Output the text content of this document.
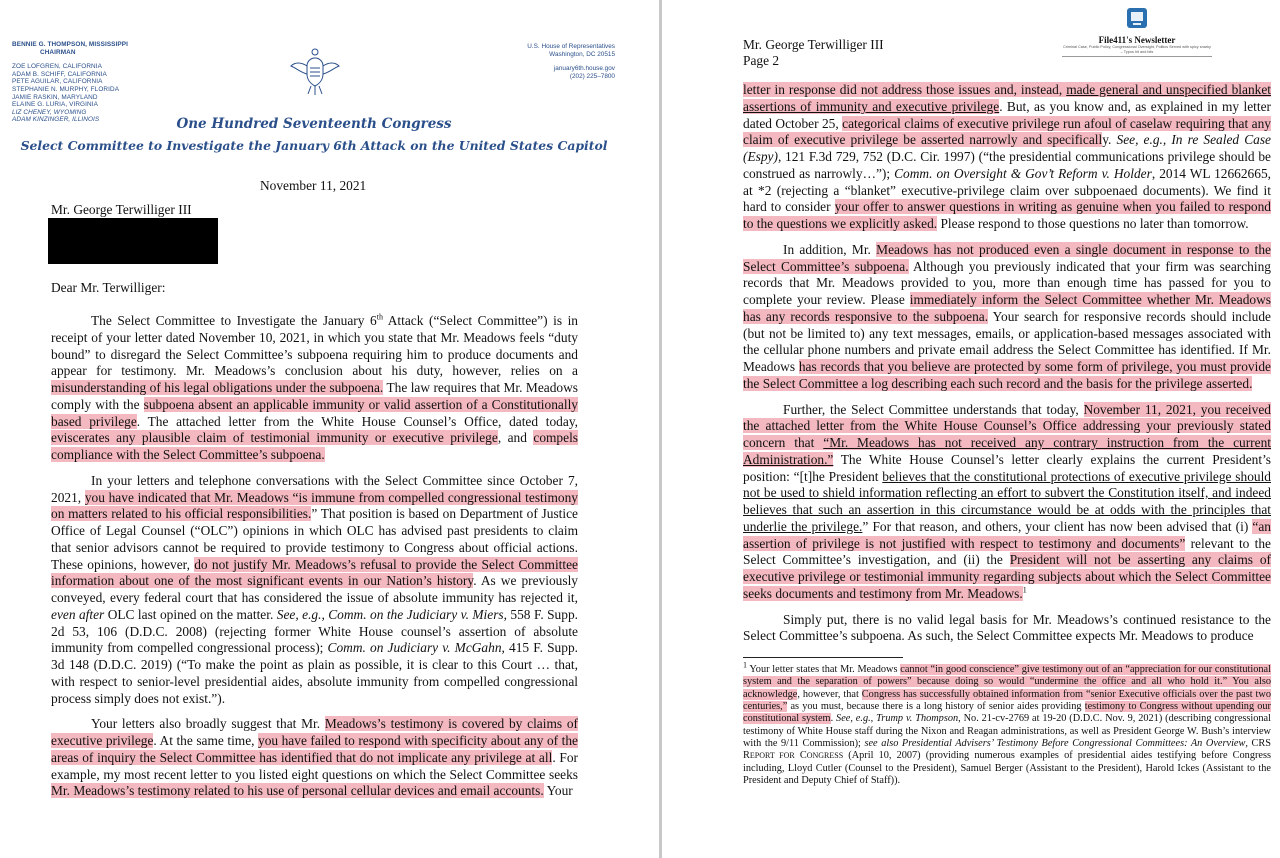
BENNIE G. THOMPSON, MISSISSIPPI
CHAIRMAN
ZOE LOFGREN, CALIFORNIA
ADAM B. SCHIFF, CALIFORNIA
PETE AGUILAR, CALIFORNIA
STEPHANIE N. MURPHY, FLORIDA
JAMIE RASKIN, MARYLAND
ELAINE G. LURIA, VIRGINIA
LIZ CHENEY, WYOMING
ADAM KINZINGER, ILLINOIS
U.S. House of Representatives
Washington, DC 20515
january6th.house.gov
(202) 225–7800
One Hundred Seventeenth Congress
Select Committee to Investigate the January 6th Attack on the United States Capitol
November 11, 2021
Mr. George Terwilliger III
Dear Mr. Terwilliger:

The Select Committee to Investigate the January 6th Attack (“Select Committee”) is in receipt of your letter dated November 10, 2021, in which you state that Mr. Meadows feels “duty bound” to disregard the Select Committee’s subpoena requiring him to produce documents and appear for testimony. Mr. Meadows’s conclusion about his duty, however, relies on a misunderstanding of his legal obligations under the subpoena. The law requires that Mr. Meadows comply with the subpoena absent an applicable immunity or valid assertion of a Constitutionally based privilege. The attached letter from the White House Counsel’s Office, dated today, eviscerates any plausible claim of testimonial immunity or executive privilege, and compels compliance with the Select Committee’s subpoena.

In your letters and telephone conversations with the Select Committee since October 7, 2021, you have indicated that Mr. Meadows “is immune from compelled congressional testimony on matters related to his official responsibilities.” That position is based on Department of Justice Office of Legal Counsel (“OLC”) opinions in which OLC has advised past presidents to claim that senior advisors cannot be required to provide testimony to Congress about official actions. These opinions, however, do not justify Mr. Meadows’s refusal to provide the Select Committee information about one of the most significant events in our Nation’s history. As we previously conveyed, every federal court that has considered the issue of absolute immunity has rejected it, even after OLC last opined on the matter. See, e.g., Comm. on the Judiciary v. Miers, 558 F. Supp. 2d 53, 106 (D.D.C. 2008) (rejecting former White House counsel’s assertion of absolute immunity from compelled congressional process); Comm. on Judiciary v. McGahn, 415 F. Supp. 3d 148 (D.D.C. 2019) (“To make the point as plain as possible, it is clear to this Court … that, with respect to senior-level presidential aides, absolute immunity from compelled congressional process simply does not exist.”).

Your letters also broadly suggest that Mr. Meadows’s testimony is covered by claims of executive privilege. At the same time, you have failed to respond with specificity about any of the areas of inquiry the Select Committee has identified that do not implicate any privilege at all. For example, my most recent letter to you listed eight questions on which the Select Committee seeks Mr. Meadows’s testimony related to his use of personal cellular devices and email accounts. Your

File411's Newsletter
Criminal Case, Public Policy, Congressional Oversight, Politics Served with spicy snarky – Typos hit and bits
Mr. George Terwilliger III
Page 2

letter in response did not address those issues and, instead, made general and unspecified blanket assertions of immunity and executive privilege. But, as you know and, as explained in my letter dated October 25, categorical claims of executive privilege run afoul of caselaw requiring that any claim of executive privilege be asserted narrowly and specifically. See, e.g., In re Sealed Case (Espy), 121 F.3d 729, 752 (D.C. Cir. 1997) (“the presidential communications privilege should be construed as narrowly…”); Comm. on Oversight & Gov’t Reform v. Holder, 2014 WL 12662665, at *2 (rejecting a “blanket” executive-privilege claim over subpoenaed documents). We find it hard to consider your offer to answer questions in writing as genuine when you failed to respond to the questions we explicitly asked. Please respond to those questions no later than tomorrow.

In addition, Mr. Meadows has not produced even a single document in response to the Select Committee’s subpoena. Although you previously indicated that your firm was searching records that Mr. Meadows provided to you, more than enough time has passed for you to complete your review. Please immediately inform the Select Committee whether Mr. Meadows has any records responsive to the subpoena. Your search for responsive records should include (but not be limited to) any text messages, emails, or application-based messages associated with the cellular phone numbers and private email address the Select Committee has identified. If Mr. Meadows has records that you believe are protected by some form of privilege, you must provide the Select Committee a log describing each such record and the basis for the privilege asserted.

Further, the Select Committee understands that today, November 11, 2021, you received the attached letter from the White House Counsel’s Office addressing your previously stated concern that “Mr. Meadows has not received any contrary instruction from the current Administration.” The White House Counsel’s letter clearly explains the current President’s position: “[t]he President believes that the constitutional protections of executive privilege should not be used to shield information reflecting an effort to subvert the Constitution itself, and indeed believes that such an assertion in this circumstance would be at odds with the principles that underlie the privilege.” For that reason, and others, your client has now been advised that (i) “an assertion of privilege is not justified with respect to testimony and documents” relevant to the Select Committee’s investigation, and (ii) the President will not be asserting any claims of executive privilege or testimonial immunity regarding subjects about which the Select Committee seeks documents and testimony from Mr. Meadows.$^1$

Simply put, there is no valid legal basis for Mr. Meadows’s continued resistance to the Select Committee’s subpoena. As such, the Select Committee expects Mr. Meadows to produce

$^1$ Your letter states that Mr. Meadows cannot “in good conscience” give testimony out of an “appreciation for our constitutional system and the separation of powers” because doing so would “undermine the office and all who hold it.” You also acknowledge, however, that Congress has successfully obtained information from “senior Executive officials over the past two centuries,” as you must, because there is a long history of senior aides providing testimony to Congress without upending our constitutional system. See, e.g., Trump v. Thompson, No. 21-cv-2769 at 19-20 (D.D.C. Nov. 9, 2021) (describing congressional testimony of White House staff during the Nixon and Reagan administrations, as well as President George W. Bush’s interview with the 9/11 Commission); see also Presidential Advisers’ Testimony Before Congressional Committees: An Overview, CRS REPORT FOR CONGRESS (April 10, 2007) (providing numerous examples of presidential aides testifying before Congress including, Lloyd Cutler (Counsel to the President), Samuel Berger (Assistant to the President), Harold Ickes (Assistant to the President and Deputy Chief of Staff)).
